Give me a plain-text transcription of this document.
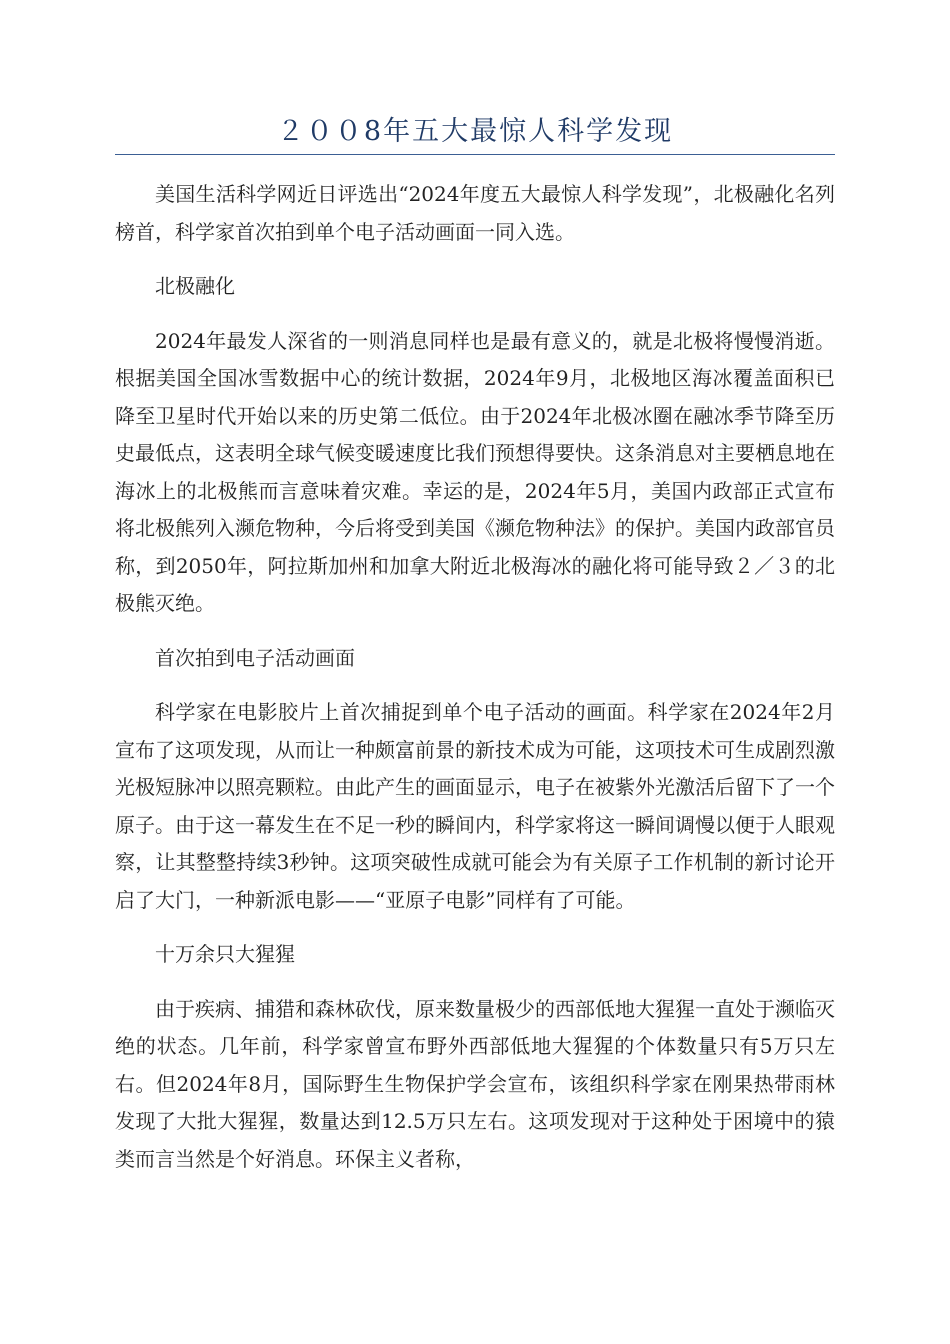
２００8年五大最惊人科学发现

美国生活科学网近日评选出“2024年度五大最惊人科学发现”，北极融化名列榜首，科学家首次拍到单个电子活动画面一同入选。

北极融化

2024年最发人深省的一则消息同样也是最有意义的，就是北极将慢慢消逝。根据美国全国冰雪数据中心的统计数据，2024年9月，北极地区海冰覆盖面积已降至卫星时代开始以来的历史第二低位。由于2024年北极冰圈在融冰季节降至历史最低点，这表明全球气候变暖速度比我们预想得要快。这条消息对主要栖息地在海冰上的北极熊而言意味着灾难。幸运的是，2024年5月，美国内政部正式宣布将北极熊列入濒危物种，今后将受到美国《濒危物种法》的保护。美国内政部官员称，到2050年，阿拉斯加州和加拿大附近北极海冰的融化将可能导致２／３的北极熊灭绝。

首次拍到电子活动画面

科学家在电影胶片上首次捕捉到单个电子活动的画面。科学家在2024年2月宣布了这项发现，从而让一种颇富前景的新技术成为可能，这项技术可生成剧烈激光极短脉冲以照亮颗粒。由此产生的画面显示，电子在被紫外光激活后留下了一个原子。由于这一幕发生在不足一秒的瞬间内，科学家将这一瞬间调慢以便于人眼观察，让其整整持续3秒钟。这项突破性成就可能会为有关原子工作机制的新讨论开启了大门，一种新派电影——“亚原子电影”同样有了可能。

十万余只大猩猩

由于疾病、捕猎和森林砍伐，原来数量极少的西部低地大猩猩一直处于濒临灭绝的状态。几年前，科学家曾宣布野外西部低地大猩猩的个体数量只有5万只左右。但2024年8月，国际野生生物保护学会宣布，该组织科学家在刚果热带雨林发现了大批大猩猩，数量达到12.5万只左右。这项发现对于这种处于困境中的猿类而言当然是个好消息。环保主义者称，
